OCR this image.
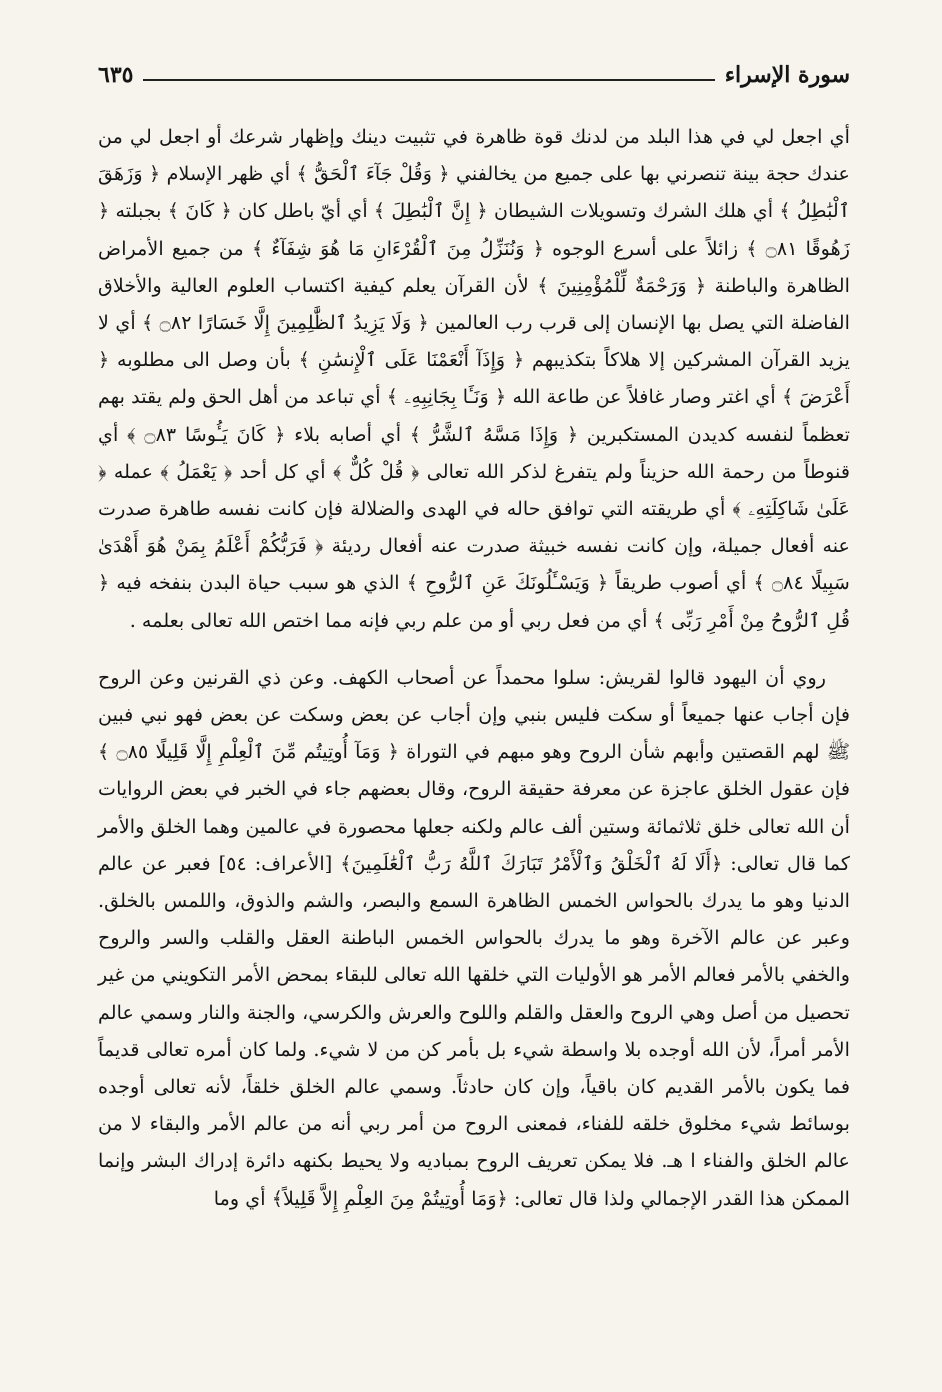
سورة الإسراء
٦٣٥

أي اجعل لي في هذا البلد من لدنك قوة ظاهرة في تثبيت دينك وإظهار شرعك أو اجعل لي من عندك حجة بينة تنصرني بها على جميع من يخالفني ﴿ وَقُلْ جَآءَ ٱلْحَقُّ ﴾ أي ظهر الإسلام ﴿ وَزَهَقَ ٱلْبَٰطِلُ ﴾ أي هلك الشرك وتسويلات الشيطان ﴿ إِنَّ ٱلْبَٰطِلَ ﴾ أي أيّ باطل كان ﴿ كَانَ ﴾ بجبلته ﴿ زَهُوقًا ۝٨١ ﴾ زائلاً على أسرع الوجوه ﴿ وَنُنَزِّلُ مِنَ ٱلْقُرْءَانِ مَا هُوَ شِفَآءٌ ﴾ من جميع الأمراض الظاهرة والباطنة ﴿ وَرَحْمَةٌ لِّلْمُؤْمِنِينَ ﴾ لأن القرآن يعلم كيفية اكتساب العلوم العالية والأخلاق الفاضلة التي يصل بها الإنسان إلى قرب رب العالمين ﴿ وَلَا يَزِيدُ ٱلظَّٰلِمِينَ إِلَّا خَسَارًا ۝٨٢ ﴾ أي لا يزيد القرآن المشركين إلا هلاكاً بتكذيبهم ﴿ وَإِذَآ أَنْعَمْنَا عَلَى ٱلْإِنسَٰنِ ﴾ بأن وصل الى مطلوبه ﴿ أَعْرَضَ ﴾ أي اغتر وصار غافلاً عن طاعة الله ﴿ وَنَـَٔا بِجَانِبِهِۦ ﴾ أي تباعد من أهل الحق ولم يقتد بهم تعظماً لنفسه كديدن المستكبرين ﴿ وَإِذَا مَسَّهُ ٱلشَّرُّ ﴾ أي أصابه بلاء ﴿ كَانَ يَـُٔوسًا ۝٨٣ ﴾ أي قنوطاً من رحمة الله حزيناً ولم يتفرغ لذكر الله تعالى ﴿ قُلْ كُلٌّ ﴾ أي كل أحد ﴿ يَعْمَلُ ﴾ عمله ﴿ عَلَىٰ شَاكِلَتِهِۦ ﴾ أي طريقته التي توافق حاله في الهدى والضلالة فإن كانت نفسه طاهرة صدرت عنه أفعال جميلة، وإن كانت نفسه خبيثة صدرت عنه أفعال رديئة ﴿ فَرَبُّكُمْ أَعْلَمُ بِمَنْ هُوَ أَهْدَىٰ سَبِيلًا ۝٨٤ ﴾ أي أصوب طريقاً ﴿ وَيَسْـَٔلُونَكَ عَنِ ٱلرُّوحِ ﴾ الذي هو سبب حياة البدن بنفخه فيه ﴿ قُلِ ٱلرُّوحُ مِنْ أَمْرِ رَبِّى ﴾ أي من فعل ربي أو من علم ربي فإنه مما اختص الله تعالى بعلمه .

روي أن اليهود قالوا لقريش: سلوا محمداً عن أصحاب الكهف. وعن ذي القرنين وعن الروح فإن أجاب عنها جميعاً أو سكت فليس بنبي وإن أجاب عن بعض وسكت عن بعض فهو نبي فبين ﷺ لهم القصتين وأبهم شأن الروح وهو مبهم في التوراة ﴿ وَمَآ أُوتِيتُم مِّنَ ٱلْعِلْمِ إِلَّا قَلِيلًا ۝٨٥ ﴾ فإن عقول الخلق عاجزة عن معرفة حقيقة الروح، وقال بعضهم جاء في الخبر في بعض الروايات أن الله تعالى خلق ثلاثمائة وستين ألف عالم ولكنه جعلها محصورة في عالمين وهما الخلق والأمر كما قال تعالى: ﴿أَلَا لَهُ ٱلْخَلْقُ وَٱلْأَمْرُ تَبَارَكَ ٱللَّهُ رَبُّ ٱلْعَٰلَمِينَ﴾ [الأعراف: ٥٤] فعبر عن عالم الدنيا وهو ما يدرك بالحواس الخمس الظاهرة السمع والبصر، والشم والذوق، واللمس بالخلق. وعبر عن عالم الآخرة وهو ما يدرك بالحواس الخمس الباطنة العقل والقلب والسر والروح والخفي بالأمر فعالم الأمر هو الأوليات التي خلقها الله تعالى للبقاء بمحض الأمر التكويني من غير تحصيل من أصل وهي الروح والعقل والقلم واللوح والعرش والكرسي، والجنة والنار وسمي عالم الأمر أمراً، لأن الله أوجده بلا واسطة شيء بل بأمر كن من لا شيء. ولما كان أمره تعالى قديماً فما يكون بالأمر القديم كان باقياً، وإن كان حادثاً. وسمي عالم الخلق خلقاً، لأنه تعالى أوجده بوسائط شيء مخلوق خلقه للفناء، فمعنى الروح من أمر ربي أنه من عالم الأمر والبقاء لا من عالم الخلق والفناء ا هـ. فلا يمكن تعريف الروح بمباديه ولا يحيط بكنهه دائرة إدراك البشر وإنما الممكن هذا القدر الإجمالي ولذا قال تعالى: ﴿وَمَا أُوتِيتُمْ مِنَ العِلْمِ إِلاَّ قَلِيلاً﴾ أي وما
